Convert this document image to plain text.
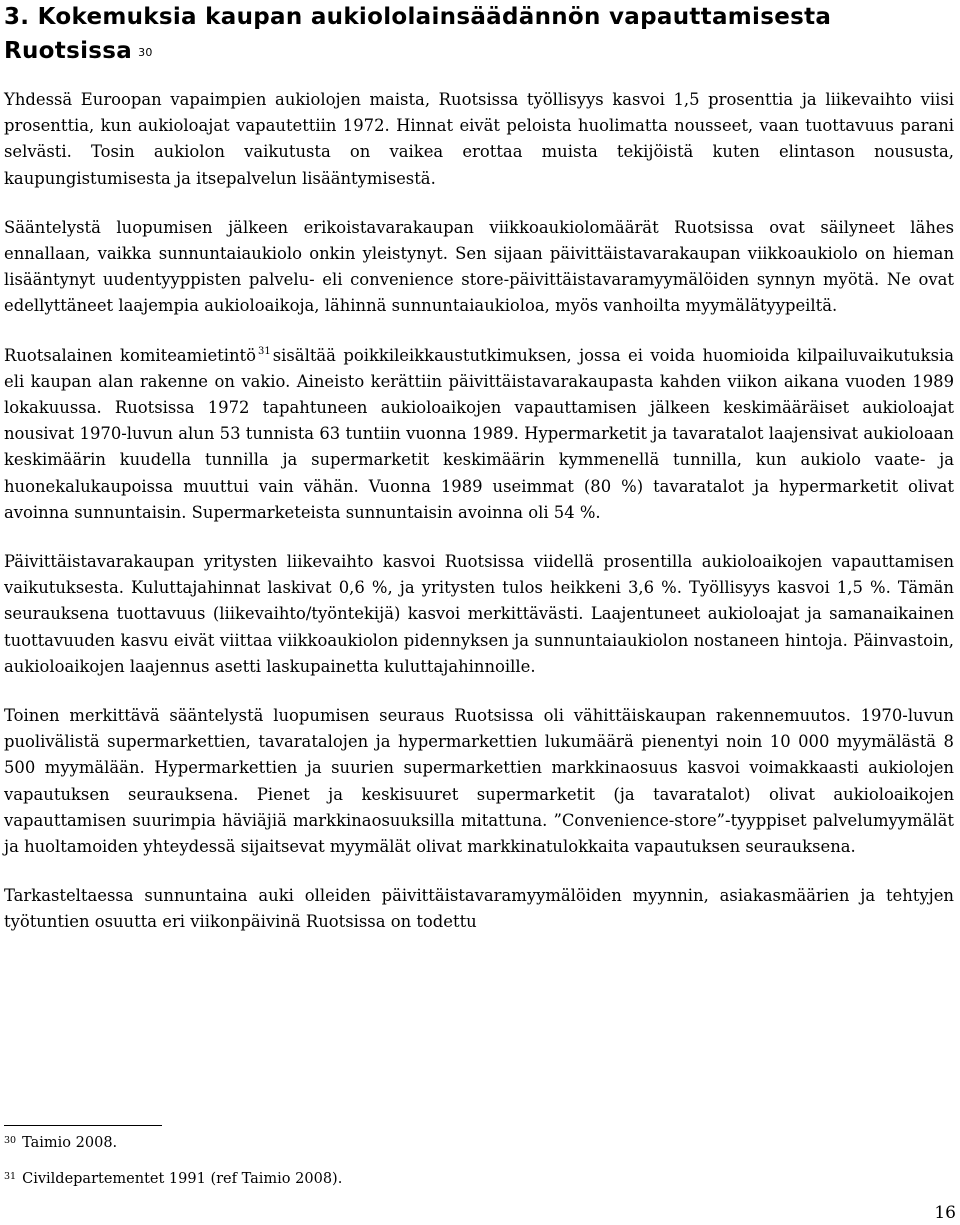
3. Kokemuksia kaupan aukiololainsäädännön vapauttamisesta
Ruotsissa $^{30}$

Yhdessä Euroopan vapaimpien aukiolojen maista, Ruotsissa työllisyys kasvoi 1,5 prosenttia ja liikevaihto viisi prosenttia, kun aukioloajat vapautettiin 1972. Hinnat eivät peloista huolimatta nousseet, vaan tuottavuus parani selvästi. Tosin aukiolon vaikutusta on vaikea erottaa muista tekijöistä kuten elintason noususta, kaupungistumisesta ja itsepalvelun lisääntymisestä.

Sääntelystä luopumisen jälkeen erikoistavarakaupan viikkoaukiolomäärät Ruotsissa ovat säilyneet lähes ennallaan, vaikka sunnuntaiaukiolo onkin yleistynyt. Sen sijaan päivittäistavarakaupan viikkoaukiolo on hieman lisääntynyt uudentyyppisten palvelu- eli convenience store-päivittäistavaramyymälöiden synnyn myötä. Ne ovat edellyttäneet laajempia aukioloaikoja, lähinnä sunnuntaiaukioloa, myös vanhoilta myymälätyypeiltä.

Ruotsalainen komiteamietintö $^{31}$ sisältää poikkileikkaustutkimuksen, jossa ei voida huomioida kilpailuvaikutuksia eli kaupan alan rakenne on vakio. Aineisto kerättiin päivittäistavarakaupasta kahden viikon aikana vuoden 1989 lokakuussa. Ruotsissa 1972 tapahtuneen aukioloaikojen vapauttamisen jälkeen keskimääräiset aukioloajat nousivat 1970-luvun alun 53 tunnista 63 tuntiin vuonna 1989. Hypermarketit ja tavaratalot laajensivat aukioloaan keskimäärin kuudella tunnilla ja supermarketit keskimäärin kymmenellä tunnilla, kun aukiolo vaate- ja huonekalukaupoissa muuttui vain vähän. Vuonna 1989 useimmat (80 %) tavaratalot ja hypermarketit olivat avoinna sunnuntaisin. Supermarketeista sunnuntaisin avoinna oli 54 %.

Päivittäistavarakaupan yritysten liikevaihto kasvoi Ruotsissa viidellä prosentilla aukioloaikojen vapauttamisen vaikutuksesta. Kuluttajahinnat laskivat 0,6 %, ja yritysten tulos heikkeni 3,6 %. Työllisyys kasvoi 1,5 %. Tämän seurauksena tuottavuus (liikevaihto/työntekijä) kasvoi merkittävästi. Laajentuneet aukioloajat ja samanaikainen tuottavuuden kasvu eivät viittaa viikkoaukiolon pidennyksen ja sunnuntaiaukiolon nostaneen hintoja. Päinvastoin, aukioloaikojen laajennus asetti laskupainetta kuluttajahinnoille.

Toinen merkittävä sääntelystä luopumisen seuraus Ruotsissa oli vähittäiskaupan rakennemuutos. 1970-luvun puolivälistä supermarkettien, tavaratalojen ja hypermarkettien lukumäärä pienentyi noin 10 000 myymälästä 8 500 myymälään. Hypermarkettien ja suurien supermarkettien markkinaosuus kasvoi voimakkaasti aukiolojen vapautuksen seurauksena. Pienet ja keskisuuret supermarketit (ja tavaratalot) olivat aukioloaikojen vapauttamisen suurimpia häviäjiä markkinaosuuksilla mitattuna. ”Convenience-store”-tyyppiset palvelumyymälät ja huoltamoiden yhteydessä sijaitsevat myymälät olivat markkinatulokkaita vapautuksen seurauksena.

Tarkasteltaessa sunnuntaina auki olleiden päivittäistavaramyymälöiden myynnin, asiakasmäärien ja tehtyjen työtuntien osuutta eri viikonpäivinä Ruotsissa on todettu

$^{30}$ Taimio 2008.
$^{31}$ Civildepartementet 1991 (ref Taimio 2008).
16
